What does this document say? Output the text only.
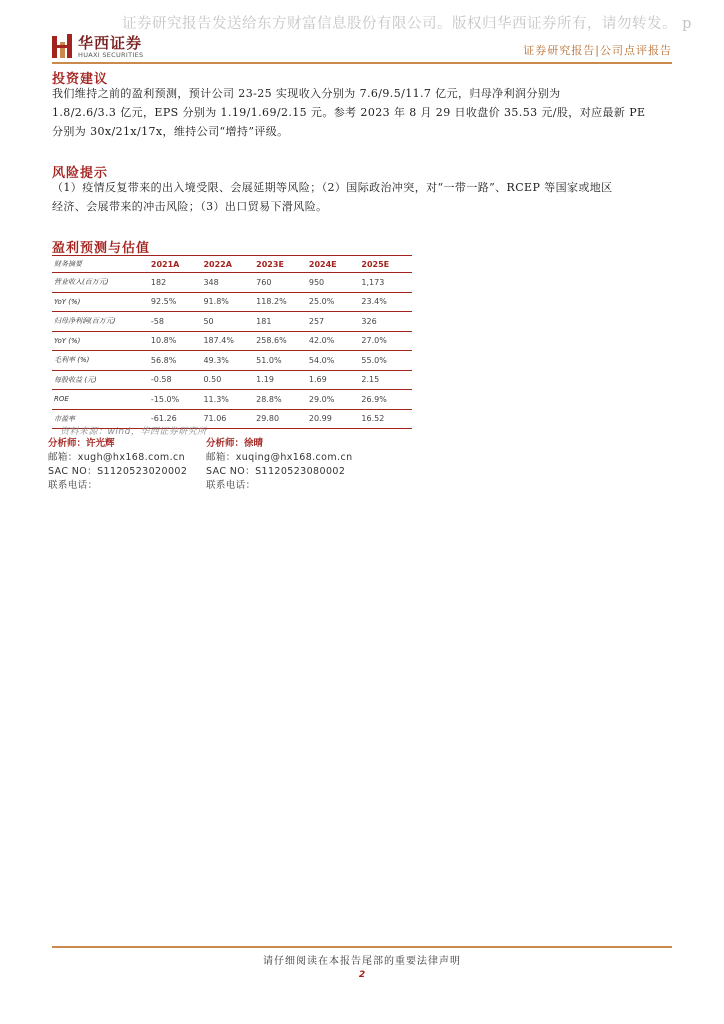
证券研究报告发送给东方财富信息股份有限公司。版权归华西证券所有，请勿转发。 p
华西证券
HUAXI SECURITIES	证券研究报告|公司点评报告
投资建议

我们维持之前的盈利预测，预计公司 23-25 实现收入分别为 7.6/9.5/11.7 亿元，归母净利润分别为

1.8/2.6/3.3 亿元，EPS 分别为 1.19/1.69/2.15 元。参考 2023 年 8 月 29 日收盘价 35.53 元/股，对应最新 PE

分别为 30x/21x/17x，维持公司“增持”评级。

风险提示

（1）疫情反复带来的出入境受限、会展延期等风险；（2）国际政治冲突，对“一带一路”、RCEP 等国家或地区

经济、会展带来的冲击风险；（3）出口贸易下滑风险。

盈利预测与估值
财务摘要	2021A	2022A	2023E	2024E	2025E
营业收入(百万元)	182	348	760	950	1,173
YoY (%)	92.5%	91.8%	118.2%	25.0%	23.4%
归母净利润(百万元)	-58	50	181	257	326
YoY (%)	10.8%	187.4%	258.6%	42.0%	27.0%
毛利率 (%)	56.8%	49.3%	51.0%	54.0%	55.0%
每股收益 (元)	-0.58	0.50	1.19	1.69	2.15
ROE	-15.0%	11.3%	28.8%	29.0%	26.9%
市盈率	-61.26	71.06	29.80	20.99	16.52
资料来源：wind，华西证券研究所
分析师：许光辉
邮箱：xugh@hx168.com.cn
SAC NO：S1120523020002
联系电话：
分析师：徐晴
邮箱：xuqing@hx168.com.cn
SAC NO：S1120523080002
联系电话：
请仔细阅读在本报告尾部的重要法律声明
2
